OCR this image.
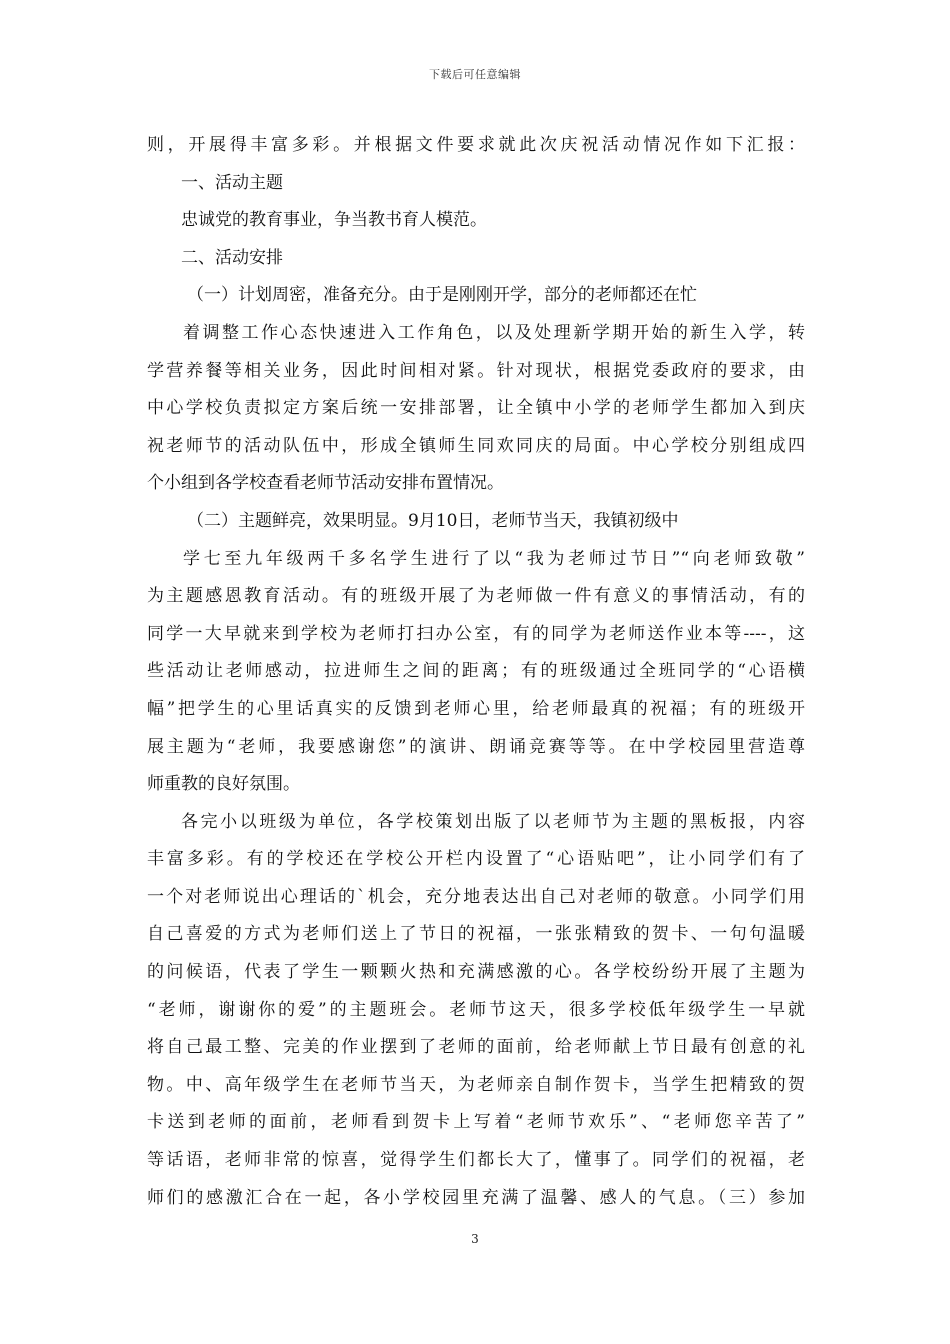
下载后可任意编辑
则，开展得丰富多彩。并根据文件要求就此次庆祝活动情况作如下汇报：
一、活动主题
忠诚党的教育事业，争当教书育人模范。
二、活动安排
（一）计划周密，准备充分。由于是刚刚开学，部分的老师都还在忙
着调整工作心态快速进入工作角色，以及处理新学期开始的新生入学，转
学营养餐等相关业务，因此时间相对紧。针对现状，根据党委政府的要求，由
中心学校负责拟定方案后统一安排部署，让全镇中小学的老师学生都加入到庆
祝老师节的活动队伍中，形成全镇师生同欢同庆的局面。中心学校分别组成四
个小组到各学校查看老师节活动安排布置情况。
（二）主题鲜亮，效果明显。9月10日，老师节当天，我镇初级中
学七至九年级两千多名学生进行了以“我为老师过节日”“向老师致敬”
为主题感恩教育活动。有的班级开展了为老师做一件有意义的事情活动，有的
同学一大早就来到学校为老师打扫办公室，有的同学为老师送作业本等----，这
些活动让老师感动，拉进师生之间的距离；有的班级通过全班同学的“心语横
幅”把学生的心里话真实的反馈到老师心里，给老师最真的祝福；有的班级开
展主题为“老师，我要感谢您”的演讲、朗诵竞赛等等。在中学校园里营造尊
师重教的良好氛围。
各完小以班级为单位，各学校策划出版了以老师节为主题的黑板报，内容
丰富多彩。有的学校还在学校公开栏内设置了“心语贴吧”，让小同学们有了
一个对老师说出心理话的`机会，充分地表达出自己对老师的敬意。小同学们用
自己喜爱的方式为老师们送上了节日的祝福，一张张精致的贺卡、一句句温暖
的问候语，代表了学生一颗颗火热和充满感激的心。各学校纷纷开展了主题为
“老师，谢谢你的爱”的主题班会。老师节这天，很多学校低年级学生一早就
将自己最工整、完美的作业摆到了老师的面前，给老师献上节日最有创意的礼
物。中、高年级学生在老师节当天，为老师亲自制作贺卡，当学生把精致的贺
卡送到老师的面前，老师看到贺卡上写着“老师节欢乐”、“老师您辛苦了”
等话语，老师非常的惊喜，觉得学生们都长大了，懂事了。同学们的祝福，老
师们的感激汇合在一起，各小学校园里充满了温馨、感人的气息。（三）参加
3
